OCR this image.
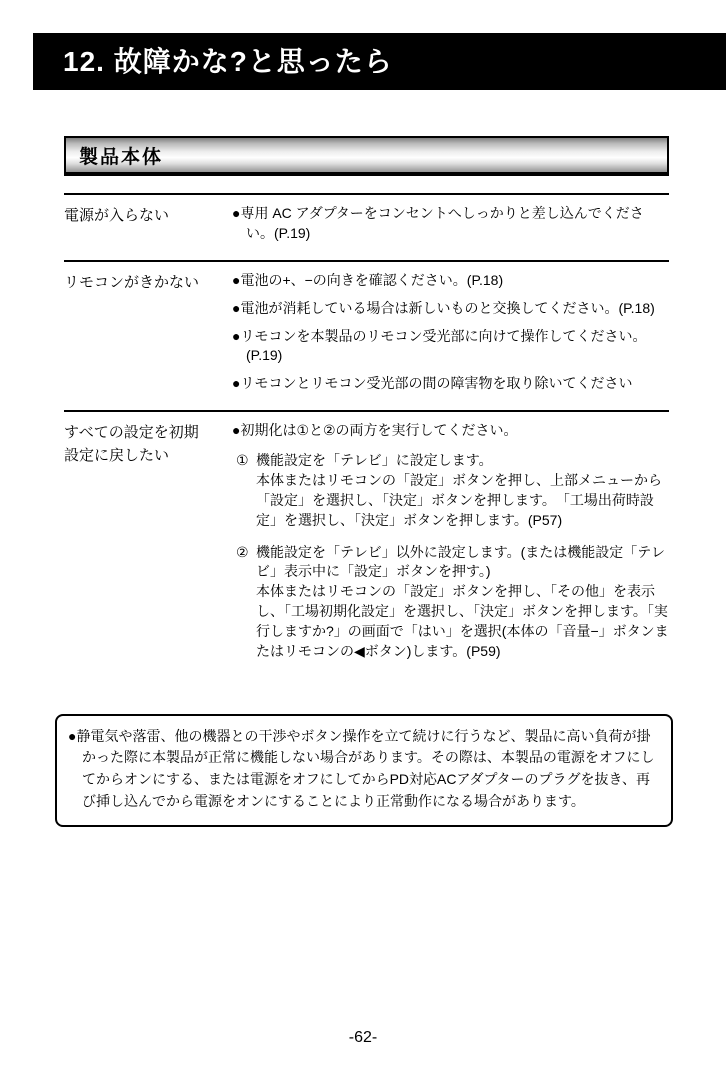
12. 故障かな?と思ったら
製品本体
電源が入らない	●専用 AC アダプターをコンセントへしっかりと差し込んでください。(P.19)

リモコンがきかない	●電池の+、−の向きを確認ください。(P.18)

●電池が消耗している場合は新しいものと交換してください。(P.18)

●リモコンを本製品のリモコン受光部に向けて操作してください。(P.19)

●リモコンとリモコン受光部の間の障害物を取り除いてください

すべての設定を初期
設定に戻したい

●初期化は①と②の両方を実行してください。

① 機能設定を「テレビ」に設定します。
本体またはリモコンの「設定」ボタンを押し、上部メニューから「設定」を選択し、「決定」ボタンを押します。　「工場出荷時設定」を選択し、「決定」ボタンを押します。(P57)
② 機能設定を「テレビ」以外に設定します。(または機能設定「テレビ」表示中に「設定」ボタンを押す。)
本体またはリモコンの「設定」ボタンを押し、「その他」を表示し、「工場初期化設定」を選択し、「決定」ボタンを押します。「実行しますか?」の画面で「はい」を選択(本体の「音量−」ボタンまたはリモコンの◀ボタン)します。(P59)

●静電気や落雷、他の機器との干渉やボタン操作を立て続けに行うなど、製品に高い負荷が掛かった際に本製品が正常に機能しない場合があります。その際は、本製品の電源をオフにしてからオンにする、または電源をオフにしてからPD対応ACアダプターのプラグを抜き、再び挿し込んでから電源をオンにすることにより正常動作になる場合があります。

-62-
